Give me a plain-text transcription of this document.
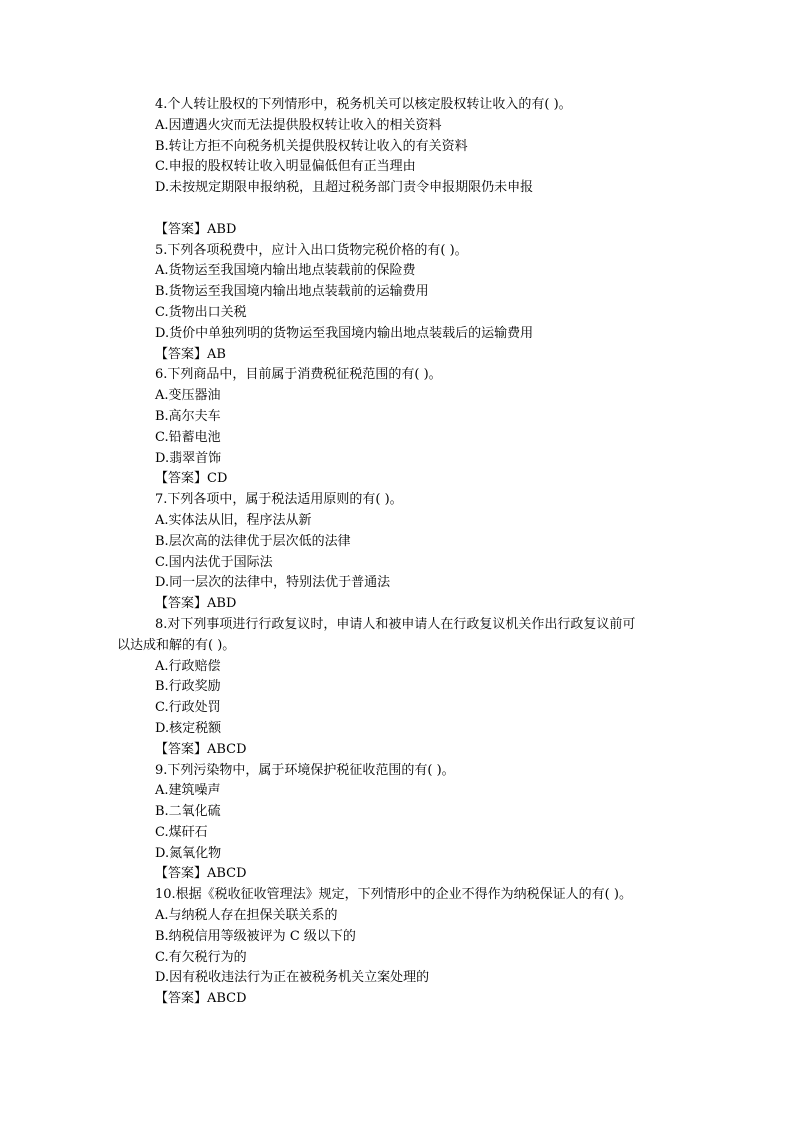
4.个人转让股权的下列情形中，税务机关可以核定股权转让收入的有( )。
A.因遭遇火灾而无法提供股权转让收入的相关资料
B.转让方拒不向税务机关提供股权转让收入的有关资料
C.申报的股权转让收入明显偏低但有正当理由
D.未按规定期限申报纳税，且超过税务部门责令申报期限仍未申报
【答案】ABD
5.下列各项税费中，应计入出口货物完税价格的有( )。
A.货物运至我国境内输出地点装载前的保险费
B.货物运至我国境内输出地点装载前的运输费用
C.货物出口关税
D.货价中单独列明的货物运至我国境内输出地点装载后的运输费用
【答案】AB
6.下列商品中，目前属于消费税征税范围的有( )。
A.变压器油
B.高尔夫车
C.铅蓄电池
D.翡翠首饰
【答案】CD
7.下列各项中，属于税法适用原则的有( )。
A.实体法从旧，程序法从新
B.层次高的法律优于层次低的法律
C.国内法优于国际法
D.同一层次的法律中，特别法优于普通法
【答案】ABD
8.对下列事项进行行政复议时，申请人和被申请人在行政复议机关作出行政复议前可
以达成和解的有( )。
A.行政赔偿
B.行政奖励
C.行政处罚
D.核定税额
【答案】ABCD
9.下列污染物中，属于环境保护税征收范围的有( )。
A.建筑噪声
B.二氧化硫
C.煤矸石
D.氮氧化物
【答案】ABCD
10.根据《税收征收管理法》规定，下列情形中的企业不得作为纳税保证人的有( )。
A.与纳税人存在担保关联关系的
B.纳税信用等级被评为 C 级以下的
C.有欠税行为的
D.因有税收违法行为正在被税务机关立案处理的
【答案】ABCD
